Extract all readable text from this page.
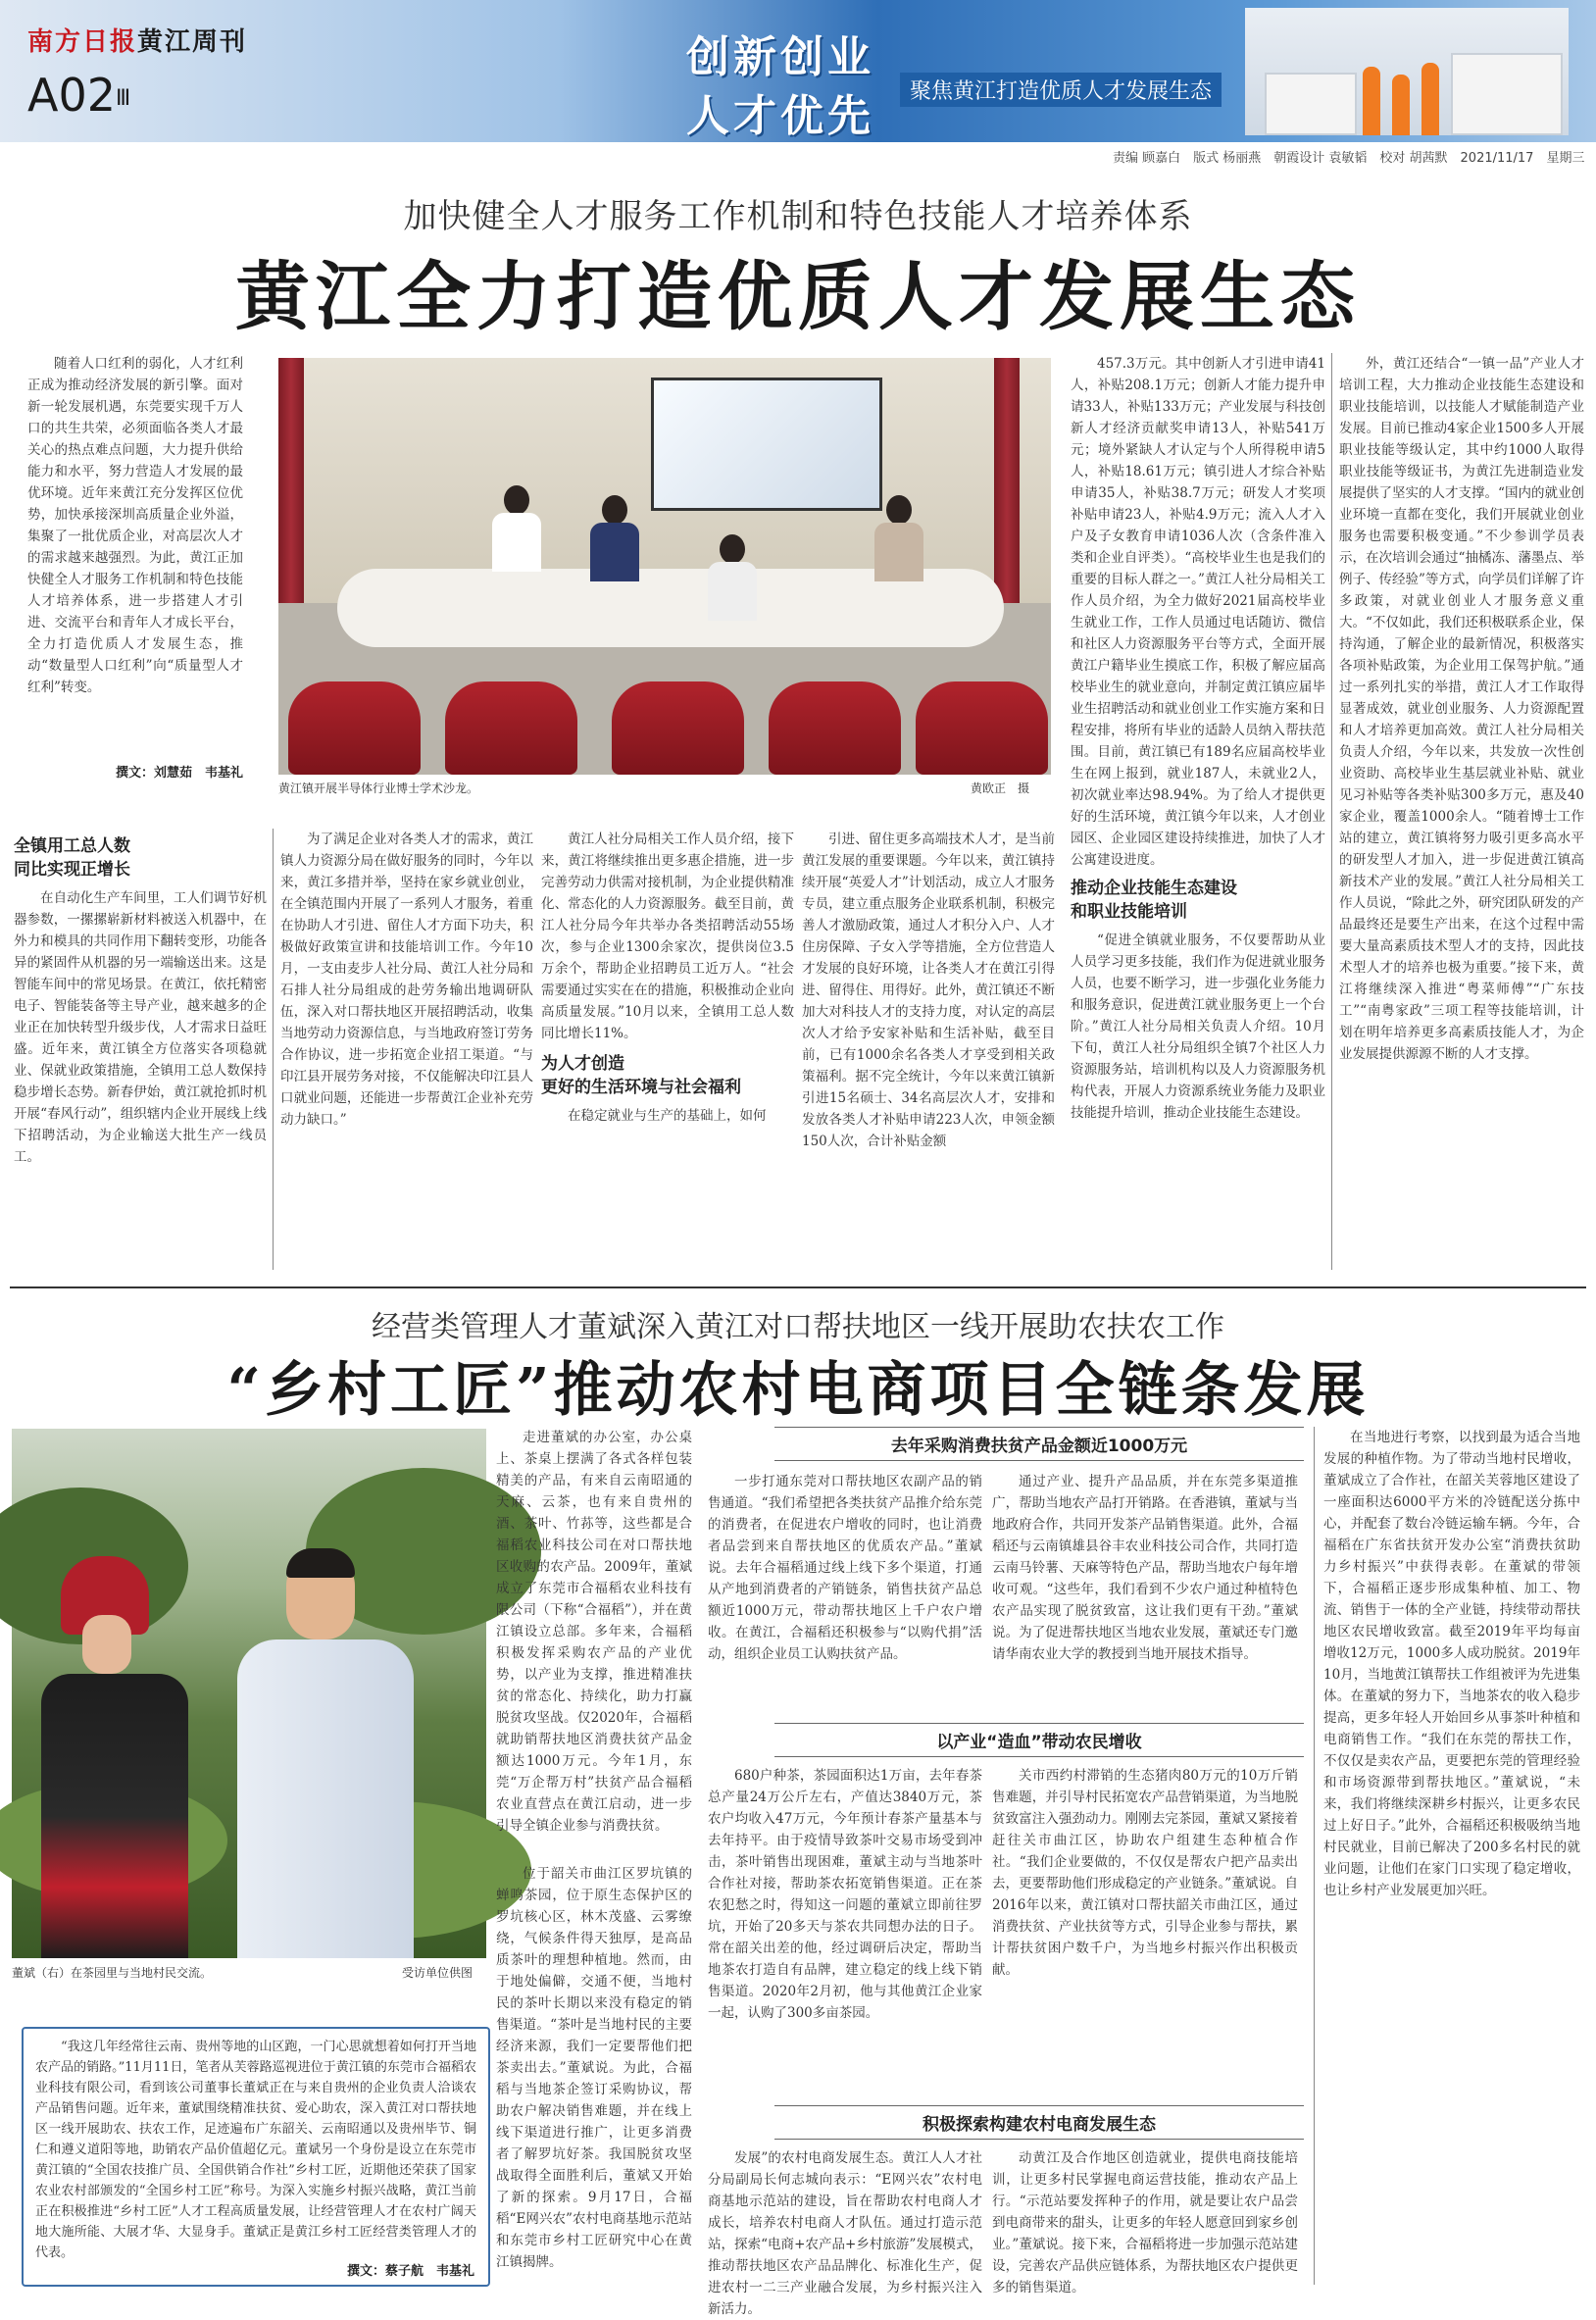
南方日报黄江周刊
A02Ⅲ
创新创业
人才优先	聚焦黄江打造优质人才发展生态
责编 顾嘉白　版式 杨丽燕　朝霞设计 袁敏韬　校对 胡茜默　2021/11/17　星期三
加快健全人才服务工作机制和特色技能人才培养体系
黄江全力打造优质人才发展生态

随着人口红利的弱化，人才红利正成为推动经济发展的新引擎。面对新一轮发展机遇，东莞要实现千万人口的共生共荣，必须面临各类人才最关心的热点难点问题，大力提升供给能力和水平，努力营造人才发展的最优环境。近年来黄江充分发挥区位优势，加快承接深圳高质量企业外溢，集聚了一批优质企业，对高层次人才的需求越来越强烈。为此，黄江正加快健全人才服务工作机制和特色技能人才培养体系，进一步搭建人才引进、交流平台和青年人才成长平台，全力打造优质人才发展生态，推动“数量型人口红利”向“质量型人才红利”转变。

撰文：刘慧茹　韦基礼
黄江镇开展半导体行业博士学术沙龙。	黄欧正　摄
全镇用工总人数
同比实现正增长

在自动化生产车间里，工人们调节好机器参数，一摞摞崭新材料被送入机器中，在外力和模具的共同作用下翻转变形，功能各异的紧固件从机器的另一端输送出来。这是智能车间中的常见场景。在黄江，依托精密电子、智能装备等主导产业，越来越多的企业正在加快转型升级步伐，人才需求日益旺盛。近年来，黄江镇全方位落实各项稳就业、保就业政策措施，全镇用工总人数保持稳步增长态势。新春伊始，黄江就抢抓时机开展“春风行动”，组织辖内企业开展线上线下招聘活动，为企业输送大批生产一线员工。

为了满足企业对各类人才的需求，黄江镇人力资源分局在做好服务的同时，今年以来，黄江多措并举，坚持在家乡就业创业，在全镇范围内开展了一系列人才服务，着重在协助人才引进、留住人才方面下功夫，积极做好政策宣讲和技能培训工作。今年10月，一支由麦步人社分局、黄江人社分局和石排人社分局组成的赴劳务输出地调研队伍，深入对口帮扶地区开展招聘活动，收集当地劳动力资源信息，与当地政府签订劳务合作协议，进一步拓宽企业招工渠道。“与印江县开展劳务对接，不仅能解决印江县人口就业问题，还能进一步帮黄江企业补充劳动力缺口。”

黄江人社分局相关工作人员介绍，接下来，黄江将继续推出更多惠企措施，进一步完善劳动力供需对接机制，为企业提供精准化、常态化的人力资源服务。截至目前，黄江人社分局今年共举办各类招聘活动55场次，参与企业1300余家次，提供岗位3.5万余个，帮助企业招聘员工近万人。“社会需要通过实实在在的措施，积极推动企业向高质量发展。”10月以来，全镇用工总人数同比增长11%。

为人才创造
更好的生活环境与社会福利

在稳定就业与生产的基础上，如何

引进、留住更多高端技术人才，是当前黄江发展的重要课题。今年以来，黄江镇持续开展“英爱人才”计划活动，成立人才服务专员，建立重点服务企业联系机制，积极完善人才激励政策，通过人才积分入户、人才住房保障、子女入学等措施，全方位营造人才发展的良好环境，让各类人才在黄江引得进、留得住、用得好。此外，黄江镇还不断加大对科技人才的支持力度，对认定的高层次人才给予安家补贴和生活补贴，截至目前，已有1000余名各类人才享受到相关政策福利。据不完全统计，今年以来黄江镇新引进15名硕士、34名高层次人才，安排和发放各类人才补贴申请223人次，申领金额150人次，合计补贴金额

457.3万元。其中创新人才引进申请41人，补贴208.1万元；创新人才能力提升申请33人，补贴133万元；产业发展与科技创新人才经济贡献奖申请13人，补贴541万元；境外紧缺人才认定与个人所得税申请5人，补贴18.61万元；镇引进人才综合补贴申请35人，补贴38.7万元；研发人才奖项补贴申请23人，补贴4.9万元；流入人才入户及子女教育申请1036人次（含条件准入类和企业自评类）。“高校毕业生也是我们的重要的目标人群之一。”黄江人社分局相关工作人员介绍，为全力做好2021届高校毕业生就业工作，工作人员通过电话随访、微信和社区人力资源服务平台等方式，全面开展黄江户籍毕业生摸底工作，积极了解应届高校毕业生的就业意向，并制定黄江镇应届毕业生招聘活动和就业创业工作实施方案和日程安排，将所有毕业的适龄人员纳入帮扶范围。目前，黄江镇已有189名应届高校毕业生在网上报到，就业187人，未就业2人，初次就业率达98.94%。为了给人才提供更好的生活环境，黄江镇今年以来，人才创业园区、企业园区建设持续推进，加快了人才公寓建设进度。

推动企业技能生态建设
和职业技能培训

“促进全镇就业服务，不仅要帮助从业人员学习更多技能，我们作为促进就业服务人员，也要不断学习，进一步强化业务能力和服务意识，促进黄江就业服务更上一个台阶。”黄江人社分局相关负责人介绍。10月下旬，黄江人社分局组织全镇7个社区人力资源服务站，培训机构以及人力资源服务机构代表，开展人力资源系统业务能力及职业技能提升培训，推动企业技能生态建设。

外，黄江还结合“一镇一品”产业人才培训工程，大力推动企业技能生态建设和职业技能培训，以技能人才赋能制造产业发展。目前已推动4家企业1500多人开展职业技能等级认定，其中约1000人取得职业技能等级证书，为黄江先进制造业发展提供了坚实的人才支撑。“国内的就业创业环境一直都在变化，我们开展就业创业服务也需要积极变通。”不少参训学员表示，在次培训会通过“抽橘冻、藩墨点、举例子、传经验”等方式，向学员们详解了许多政策，对就业创业人才服务意义重大。“不仅如此，我们还积极联系企业，保持沟通，了解企业的最新情况，积极落实各项补贴政策，为企业用工保驾护航。”通过一系列扎实的举措，黄江人才工作取得显著成效，就业创业服务、人力资源配置和人才培养更加高效。黄江人社分局相关负责人介绍，今年以来，共发放一次性创业资助、高校毕业生基层就业补贴、就业见习补贴等各类补贴300多万元，惠及40家企业，覆盖1000余人。“随着博士工作站的建立，黄江镇将努力吸引更多高水平的研发型人才加入，进一步促进黄江镇高新技术产业的发展。”黄江人社分局相关工作人员说，“除此之外，研究团队研发的产品最终还是要生产出来，在这个过程中需要大量高素质技术型人才的支持，因此技术型人才的培养也极为重要。”接下来，黄江将继续深入推进“粤菜师傅”“广东技工”“南粤家政”三项工程等技能培训，计划在明年培养更多高素质技能人才，为企业发展提供源源不断的人才支撑。

经营类管理人才董斌深入黄江对口帮扶地区一线开展助农扶农工作
“乡村工匠”推动农村电商项目全链条发展
董斌（右）在茶园里与当地村民交流。	受访单位供图

“我这几年经常往云南、贵州等地的山区跑，一门心思就想着如何打开当地农产品的销路。”11月11日，笔者从芙蓉路巡视进位于黄江镇的东莞市合福稻农业科技有限公司，看到该公司董事长董斌正在与来自贵州的企业负责人洽谈农产品销售问题。近年来，董斌围绕精准扶贫、爱心助农，深入黄江对口帮扶地区一线开展助农、扶农工作，足迹遍布广东韶关、云南昭通以及贵州毕节、铜仁和遵义道阳等地，助销农产品价值超亿元。董斌另一个身份是设立在东莞市黄江镇的“全国农技推广员、全国供销合作社”乡村工匠，近期他还荣获了国家农业农村部颁发的“全国乡村工匠”称号。为深入实施乡村振兴战略，黄江当前正在积极推进“乡村工匠”人才工程高质量发展，让经营管理人才在农村广阔天地大施所能、大展才华、大显身手。董斌正是黄江乡村工匠经营类管理人才的代表。

撰文：蔡子航　韦基礼

走进董斌的办公室，办公桌上、茶桌上摆满了各式各样包装精美的产品，有来自云南昭通的天麻、云茶，也有来自贵州的酒、茶叶、竹荪等，这些都是合福稻农业科技公司在对口帮扶地区收购的农产品。2009年，董斌成立了东莞市合福稻农业科技有限公司（下称“合福稻”），并在黄江镇设立总部。多年来，合福稻积极发挥采购农产品的产业优势，以产业为支撑，推进精准扶贫的常态化、持续化，助力打赢脱贫攻坚战。仅2020年，合福稻就助销帮扶地区消费扶贫产品金额达1000万元。今年1月，东莞“万企帮万村”扶贫产品合福稻农业直营点在黄江启动，进一步引导全镇企业参与消费扶贫。

位于韶关市曲江区罗坑镇的蝉鸣茶园，位于原生态保护区的罗坑核心区，林木茂盛、云雾缭绕，气候条件得天独厚，是高品质茶叶的理想种植地。然而，由于地处偏僻，交通不便，当地村民的茶叶长期以来没有稳定的销售渠道。“茶叶是当地村民的主要经济来源，我们一定要帮他们把茶卖出去。”董斌说。为此，合福稻与当地茶企签订采购协议，帮助农户解决销售难题，并在线上线下渠道进行推广，让更多消费者了解罗坑好茶。我国脱贫攻坚战取得全面胜利后，董斌又开始了新的探索。9月17日，合福稻“E网兴农”农村电商基地示范站和东莞市乡村工匠研究中心在黄江镇揭牌。

去年采购消费扶贫产品金额近1000万元

一步打通东莞对口帮扶地区农副产品的销售通道。“我们希望把各类扶贫产品推介给东莞的消费者，在促进农户增收的同时，也让消费者品尝到来自帮扶地区的优质农产品。”董斌说。去年合福稻通过线上线下多个渠道，打通从产地到消费者的产销链条，销售扶贫产品总额近1000万元，带动帮扶地区上千户农户增收。在黄江，合福稻还积极参与“以购代捐”活动，组织企业员工认购扶贫产品。

通过产业、提升产品品质，并在东莞多渠道推广，帮助当地农产品打开销路。在香港镇，董斌与当地政府合作，共同开发茶产品销售渠道。此外，合福稻还与云南镇雄县谷丰农业科技公司合作，共同打造云南马铃薯、天麻等特色产品，帮助当地农户每年增收可观。“这些年，我们看到不少农户通过种植特色农产品实现了脱贫致富，这让我们更有干劲。”董斌说。为了促进帮扶地区当地农业发展，董斌还专门邀请华南农业大学的教授到当地开展技术指导。

以产业“造血”带动农民增收

680户种茶，茶园面积达1万亩，去年春茶总产量24万公斤左右，产值达3840万元，茶农户均收入47万元，今年预计春茶产量基本与去年持平。由于疫情导致茶叶交易市场受到冲击，茶叶销售出现困难，董斌主动与当地茶叶合作社对接，帮助茶农拓宽销售渠道。正在茶农犯愁之时，得知这一问题的董斌立即前往罗坑，开始了20多天与茶农共同想办法的日子。常在韶关出差的他，经过调研后决定，帮助当地茶农打造自有品牌，建立稳定的线上线下销售渠道。2020年2月初，他与其他黄江企业家一起，认购了300多亩茶园。

关市西约村滞销的生态猪肉80万元的10万斤销售难题，并引导村民拓宽农产品营销渠道，为当地脱贫致富注入强劲动力。刚刚去完茶园，董斌又紧接着赶往关市曲江区，协助农户组建生态种植合作社。“我们企业要做的，不仅仅是帮农户把产品卖出去，更要帮助他们形成稳定的产业链条。”董斌说。自2016年以来，黄江镇对口帮扶韶关市曲江区，通过消费扶贫、产业扶贫等方式，引导企业参与帮扶，累计帮扶贫困户数千户，为当地乡村振兴作出积极贡献。

积极探索构建农村电商发展生态

发展”的农村电商发展生态。黄江人人才社分局副局长何志城向表示：“E网兴农”农村电商基地示范站的建设，旨在帮助农村电商人才成长，培养农村电商人才队伍。通过打造示范站，探索“电商+农产品+乡村旅游”发展模式，推动帮扶地区农产品品牌化、标准化生产，促进农村一二三产业融合发展，为乡村振兴注入新活力。

动黄江及合作地区创造就业，提供电商技能培训，让更多村民掌握电商运营技能，推动农产品上行。“示范站要发挥种子的作用，就是要让农户品尝到电商带来的甜头，让更多的年轻人愿意回到家乡创业。”董斌说。接下来，合福稻将进一步加强示范站建设，完善农产品供应链体系，为帮扶地区农户提供更多的销售渠道。

在当地进行考察，以找到最为适合当地发展的种植作物。为了带动当地村民增收，董斌成立了合作社，在韶关芙蓉地区建设了一座面积达6000平方米的冷链配送分拣中心，并配套了数台冷链运输车辆。今年，合福稻在广东省扶贫开发办公室“消费扶贫助力乡村振兴”中获得表彰。在董斌的带领下，合福稻正逐步形成集种植、加工、物流、销售于一体的全产业链，持续带动帮扶地区农民增收致富。截至2019年平均每亩增收12万元，1000多人成功脱贫。2019年10月，当地黄江镇帮扶工作组被评为先进集体。在董斌的努力下，当地茶农的收入稳步提高，更多年轻人开始回乡从事茶叶种植和电商销售工作。“我们在东莞的帮扶工作，不仅仅是卖农产品，更要把东莞的管理经验和市场资源带到帮扶地区。”董斌说，“未来，我们将继续深耕乡村振兴，让更多农民过上好日子。”此外，合福稻还积极吸纳当地村民就业，目前已解决了200多名村民的就业问题，让他们在家门口实现了稳定增收，也让乡村产业发展更加兴旺。
